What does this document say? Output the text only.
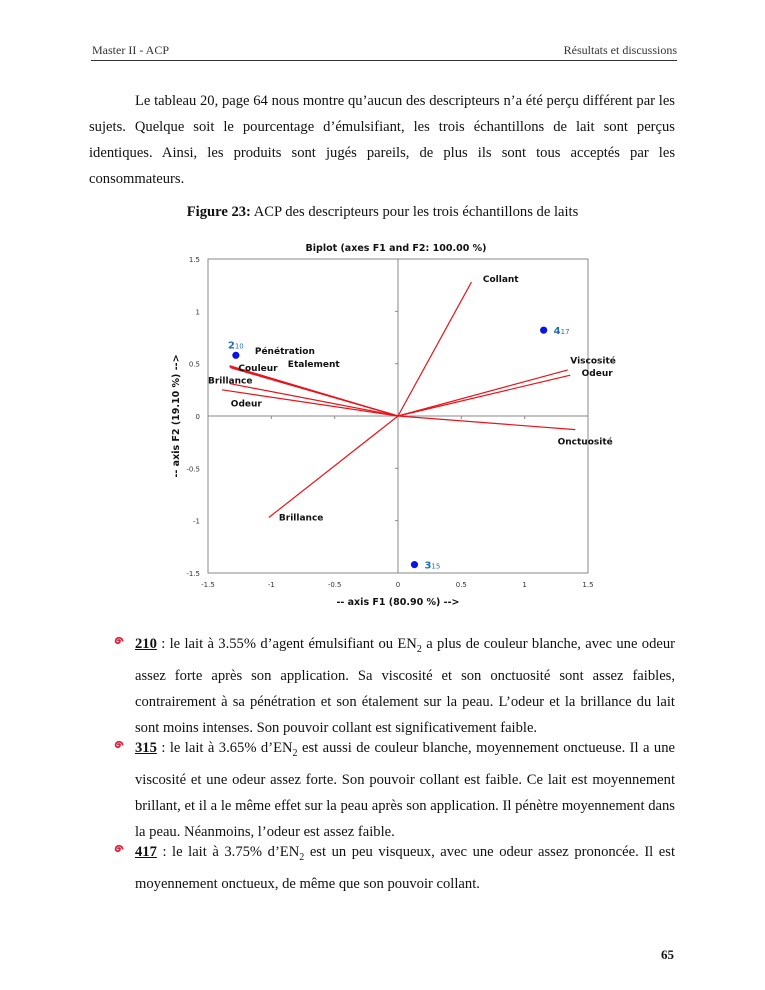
Master II - ACP	Résultats et discussions
Le tableau 20, page 64 nous montre qu’aucun des descripteurs n’a été perçu différent par les sujets. Quelque soit le pourcentage d’émulsifiant, les trois échantillons de lait sont perçus identiques. Ainsi, les produits sont jugés pareils, de plus ils sont tous acceptés par les consommateurs.
Figure 23: ACP des descripteurs pour les trois échantillons de laits
Biplot (axes F1 and F2: 100.00 %)
-1.5	-1	-0.5	0	0.5	1	1.5
1.5
1
0.5
0
-0.5
-1
-1.5
Collant
Viscosité
Odeur
Onctuosité
Brillance
Pénétration
Couleur Etalement
Brillance
Odeur
210
417
315
-- axis F1 (80.90 %) -->
-- axis F2 (19.10 %) -->
210 : le lait à 3.55% d’agent émulsifiant ou $EN_2$ a plus de couleur blanche, avec une odeur assez forte après son application. Sa viscosité et son onctuosité sont assez faibles, contrairement à sa pénétration et son étalement sur la peau. L’odeur et la brillance du lait sont moins intenses. Son pouvoir collant est significativement faible.
315 : le lait à 3.65% $d’EN_2$ est aussi de couleur blanche, moyennement onctueuse. Il a une viscosité et une odeur assez forte. Son pouvoir collant est faible. Ce lait est moyennement brillant, et il a le même effet sur la peau après son application. Il pénètre moyennement dans la peau. Néanmoins, l’odeur est assez faible.
417 : le lait à 3.75% $d’EN_2$ est un peu visqueux, avec une odeur assez prononcée. Il est moyennement onctueux, de même que son pouvoir collant.
65
